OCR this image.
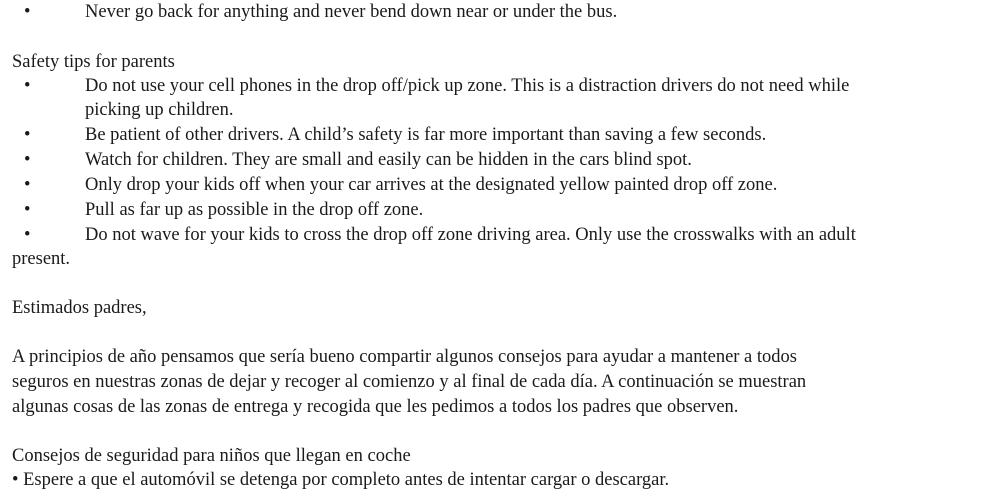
•	Never go back for anything and never bend down near or under the bus.
Safety tips for parents
•	Do not use your cell phones in the drop off/pick up zone. This is a distraction drivers do not need while
picking up children.
•	Be patient of other drivers. A child’s safety is far more important than saving a few seconds.
•	Watch for children. They are small and easily can be hidden in the cars blind spot.
•	Only drop your kids off when your car arrives at the designated yellow painted drop off zone.
•	Pull as far up as possible in the drop off zone.
•	Do not wave for your kids to cross the drop off zone driving area. Only use the crosswalks with an adult
present.
Estimados padres,
A principios de año pensamos que sería bueno compartir algunos consejos para ayudar a mantener a todos
seguros en nuestras zonas de dejar y recoger al comienzo y al final de cada día. A continuación se muestran
algunas cosas de las zonas de entrega y recogida que les pedimos a todos los padres que observen.
Consejos de seguridad para niños que llegan en coche
• Espere a que el automóvil se detenga por completo antes de intentar cargar o descargar.
